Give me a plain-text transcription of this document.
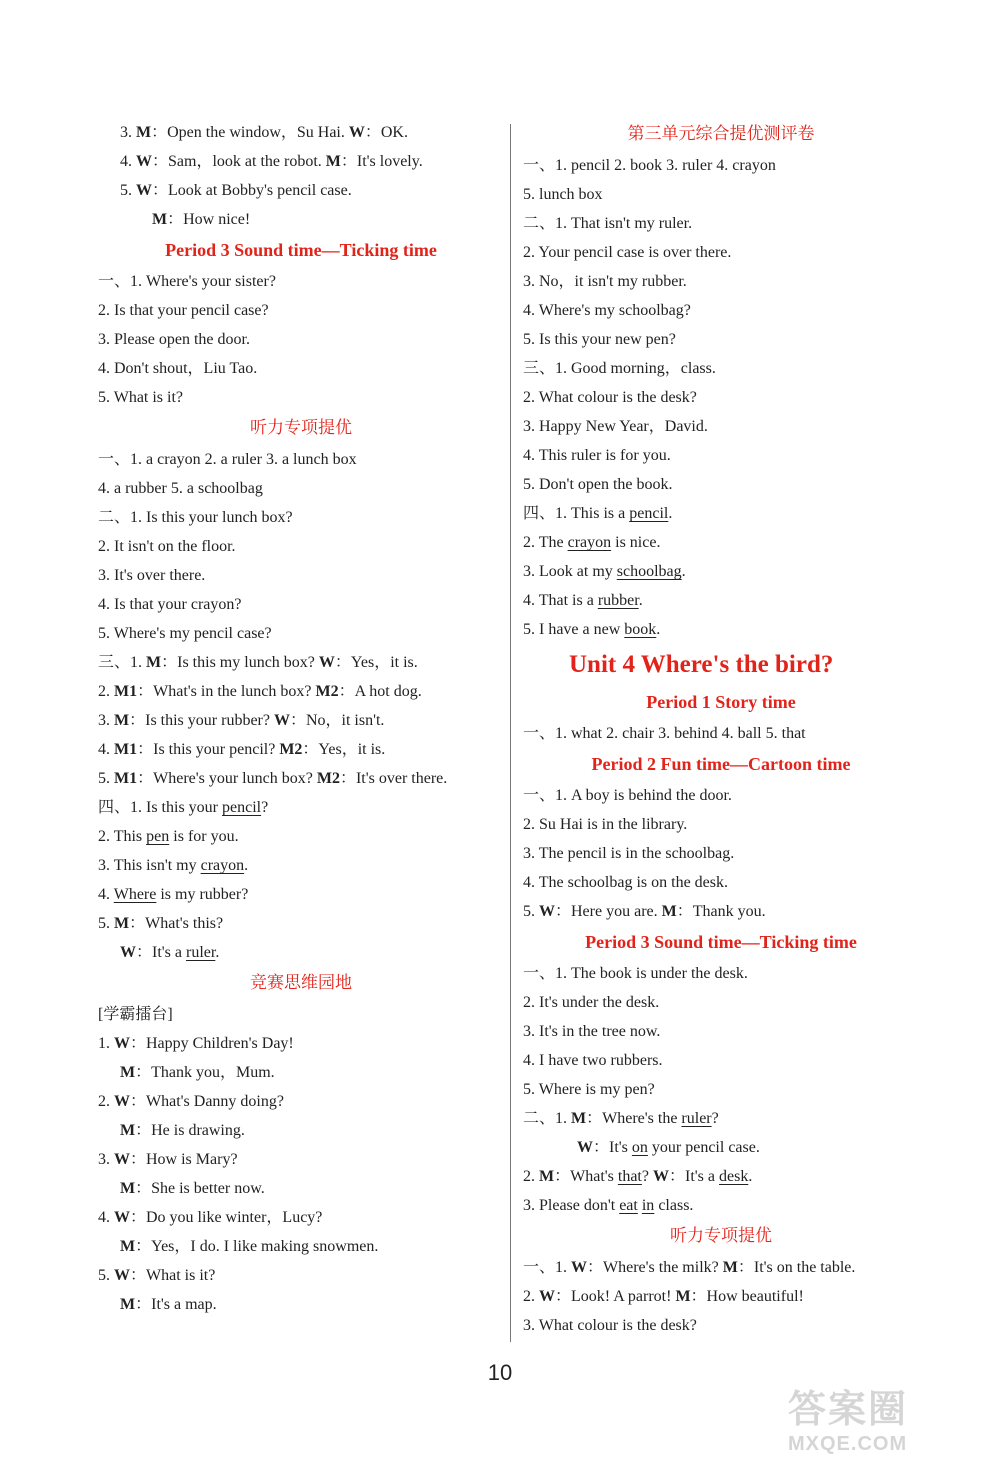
3. M：Open the window，Su Hai. W：OK.
4. W：Sam，look at the robot. M：It's lovely.
5. W：Look at Bobby's pencil case.
M：How nice!
Period 3 Sound time—Ticking time
一、1. Where's your sister?
2. Is that your pencil case?
3. Please open the door.
4. Don't shout，Liu Tao.
5. What is it?
听力专项提优
一、1. a crayon 2. a ruler 3. a lunch box
4. a rubber 5. a schoolbag
二、1. Is this your lunch box?
2. It isn't on the floor.
3. It's over there.
4. Is that your crayon?
5. Where's my pencil case?
三、1. M：Is this my lunch box? W：Yes，it is.
2. M1：What's in the lunch box? M2：A hot dog.
3. M：Is this your rubber? W：No，it isn't.
4. M1：Is this your pencil? M2：Yes，it is.
5. M1：Where's your lunch box? M2：It's over there.
四、1. Is this your pencil?
2. This pen is for you.
3. This isn't my crayon.
4. Where is my rubber?
5. M：What's this?
W：It's a ruler.
竞赛思维园地
[学霸擂台]
1. W：Happy Children's Day!
M：Thank you，Mum.
2. W：What's Danny doing?
M：He is drawing.
3. W：How is Mary?
M：She is better now.
4. W：Do you like winter，Lucy?
M：Yes，I do. I like making snowmen.
5. W：What is it?
M：It's a map.
第三单元综合提优测评卷
一、1. pencil 2. book 3. ruler 4. crayon
5. lunch box
二、1. That isn't my ruler.
2. Your pencil case is over there.
3. No，it isn't my rubber.
4. Where's my schoolbag?
5. Is this your new pen?
三、1. Good morning，class.
2. What colour is the desk?
3. Happy New Year，David.
4. This ruler is for you.
5. Don't open the book.
四、1. This is a pencil.
2. The crayon is nice.
3. Look at my schoolbag.
4. That is a rubber.
5. I have a new book.
Unit 4 Where's the bird?
Period 1 Story time
一、1. what 2. chair 3. behind 4. ball 5. that
Period 2 Fun time—Cartoon time
一、1. A boy is behind the door.
2. Su Hai is in the library.
3. The pencil is in the schoolbag.
4. The schoolbag is on the desk.
5. W：Here you are. M：Thank you.
Period 3 Sound time—Ticking time
一、1. The book is under the desk.
2. It's under the desk.
3. It's in the tree now.
4. I have two rubbers.
5. Where is my pen?
二、1. M：Where's the ruler?
W：It's on your pencil case.
2. M：What's that? W：It's a desk.
3. Please don't eat in class.
听力专项提优
一、1. W：Where's the milk? M：It's on the table.
2. W：Look! A parrot! M：How beautiful!
3. What colour is the desk?
10
答案圈
MXQE.COM
